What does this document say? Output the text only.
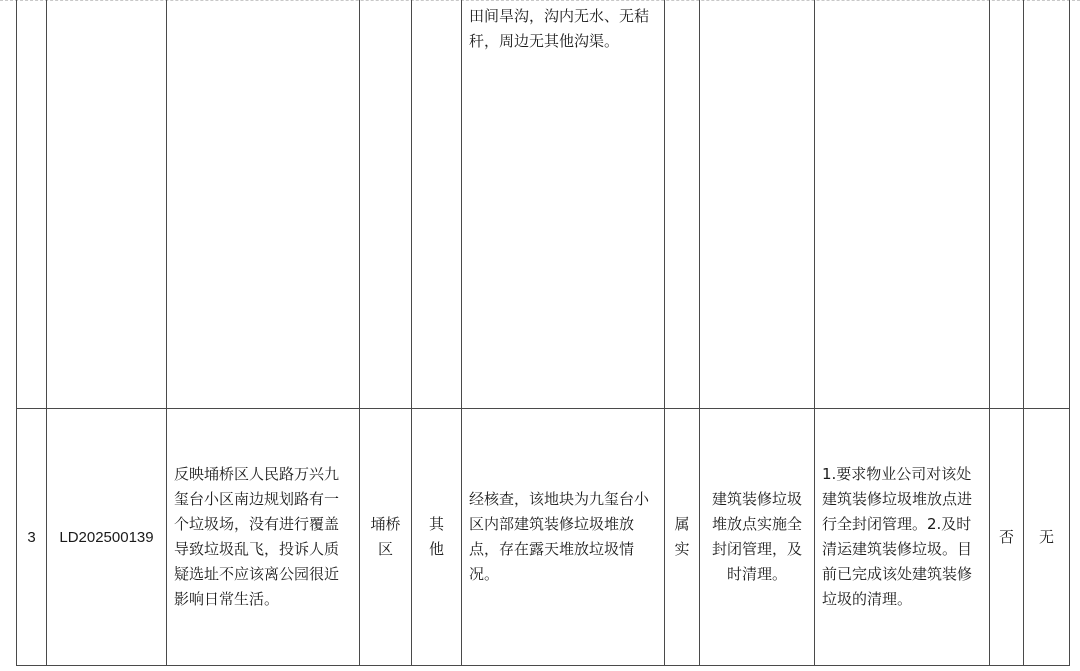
					田间旱沟，沟内无水、无秸秆，周边无其他沟渠。					
3	LD202500139	反映埇桥区人民路万兴九玺台小区南边规划路有一个垃圾场，没有进行覆盖导致垃圾乱飞，投诉人质疑选址不应该离公园很近影响日常生活。	埇桥区	其他	经核查，该地块为九玺台小区内部建筑装修垃圾堆放点，存在露天堆放垃圾情况。	属实	建筑装修垃圾堆放点实施全封闭管理，及时清理。	1.要求物业公司对该处建筑装修垃圾堆放点进行全封闭管理。2.及时清运建筑装修垃圾。目前已完成该处建筑装修垃圾的清理。	否	无
